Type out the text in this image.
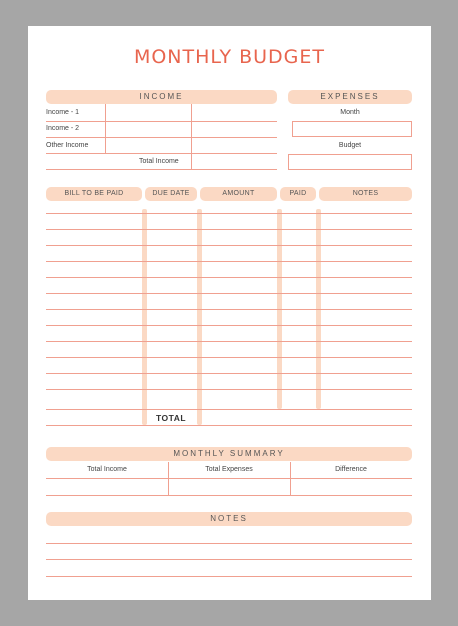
MONTHLY BUDGET
INCOME
Income - 1
Income - 2
Other Income
Total Income
EXPENSES
Month
Budget
BILL TO BE PAID	DUE DATE	AMOUNT	PAID	NOTES
TOTAL
MONTHLY SUMMARY
Total Income	Total Expenses	Difference
NOTES
